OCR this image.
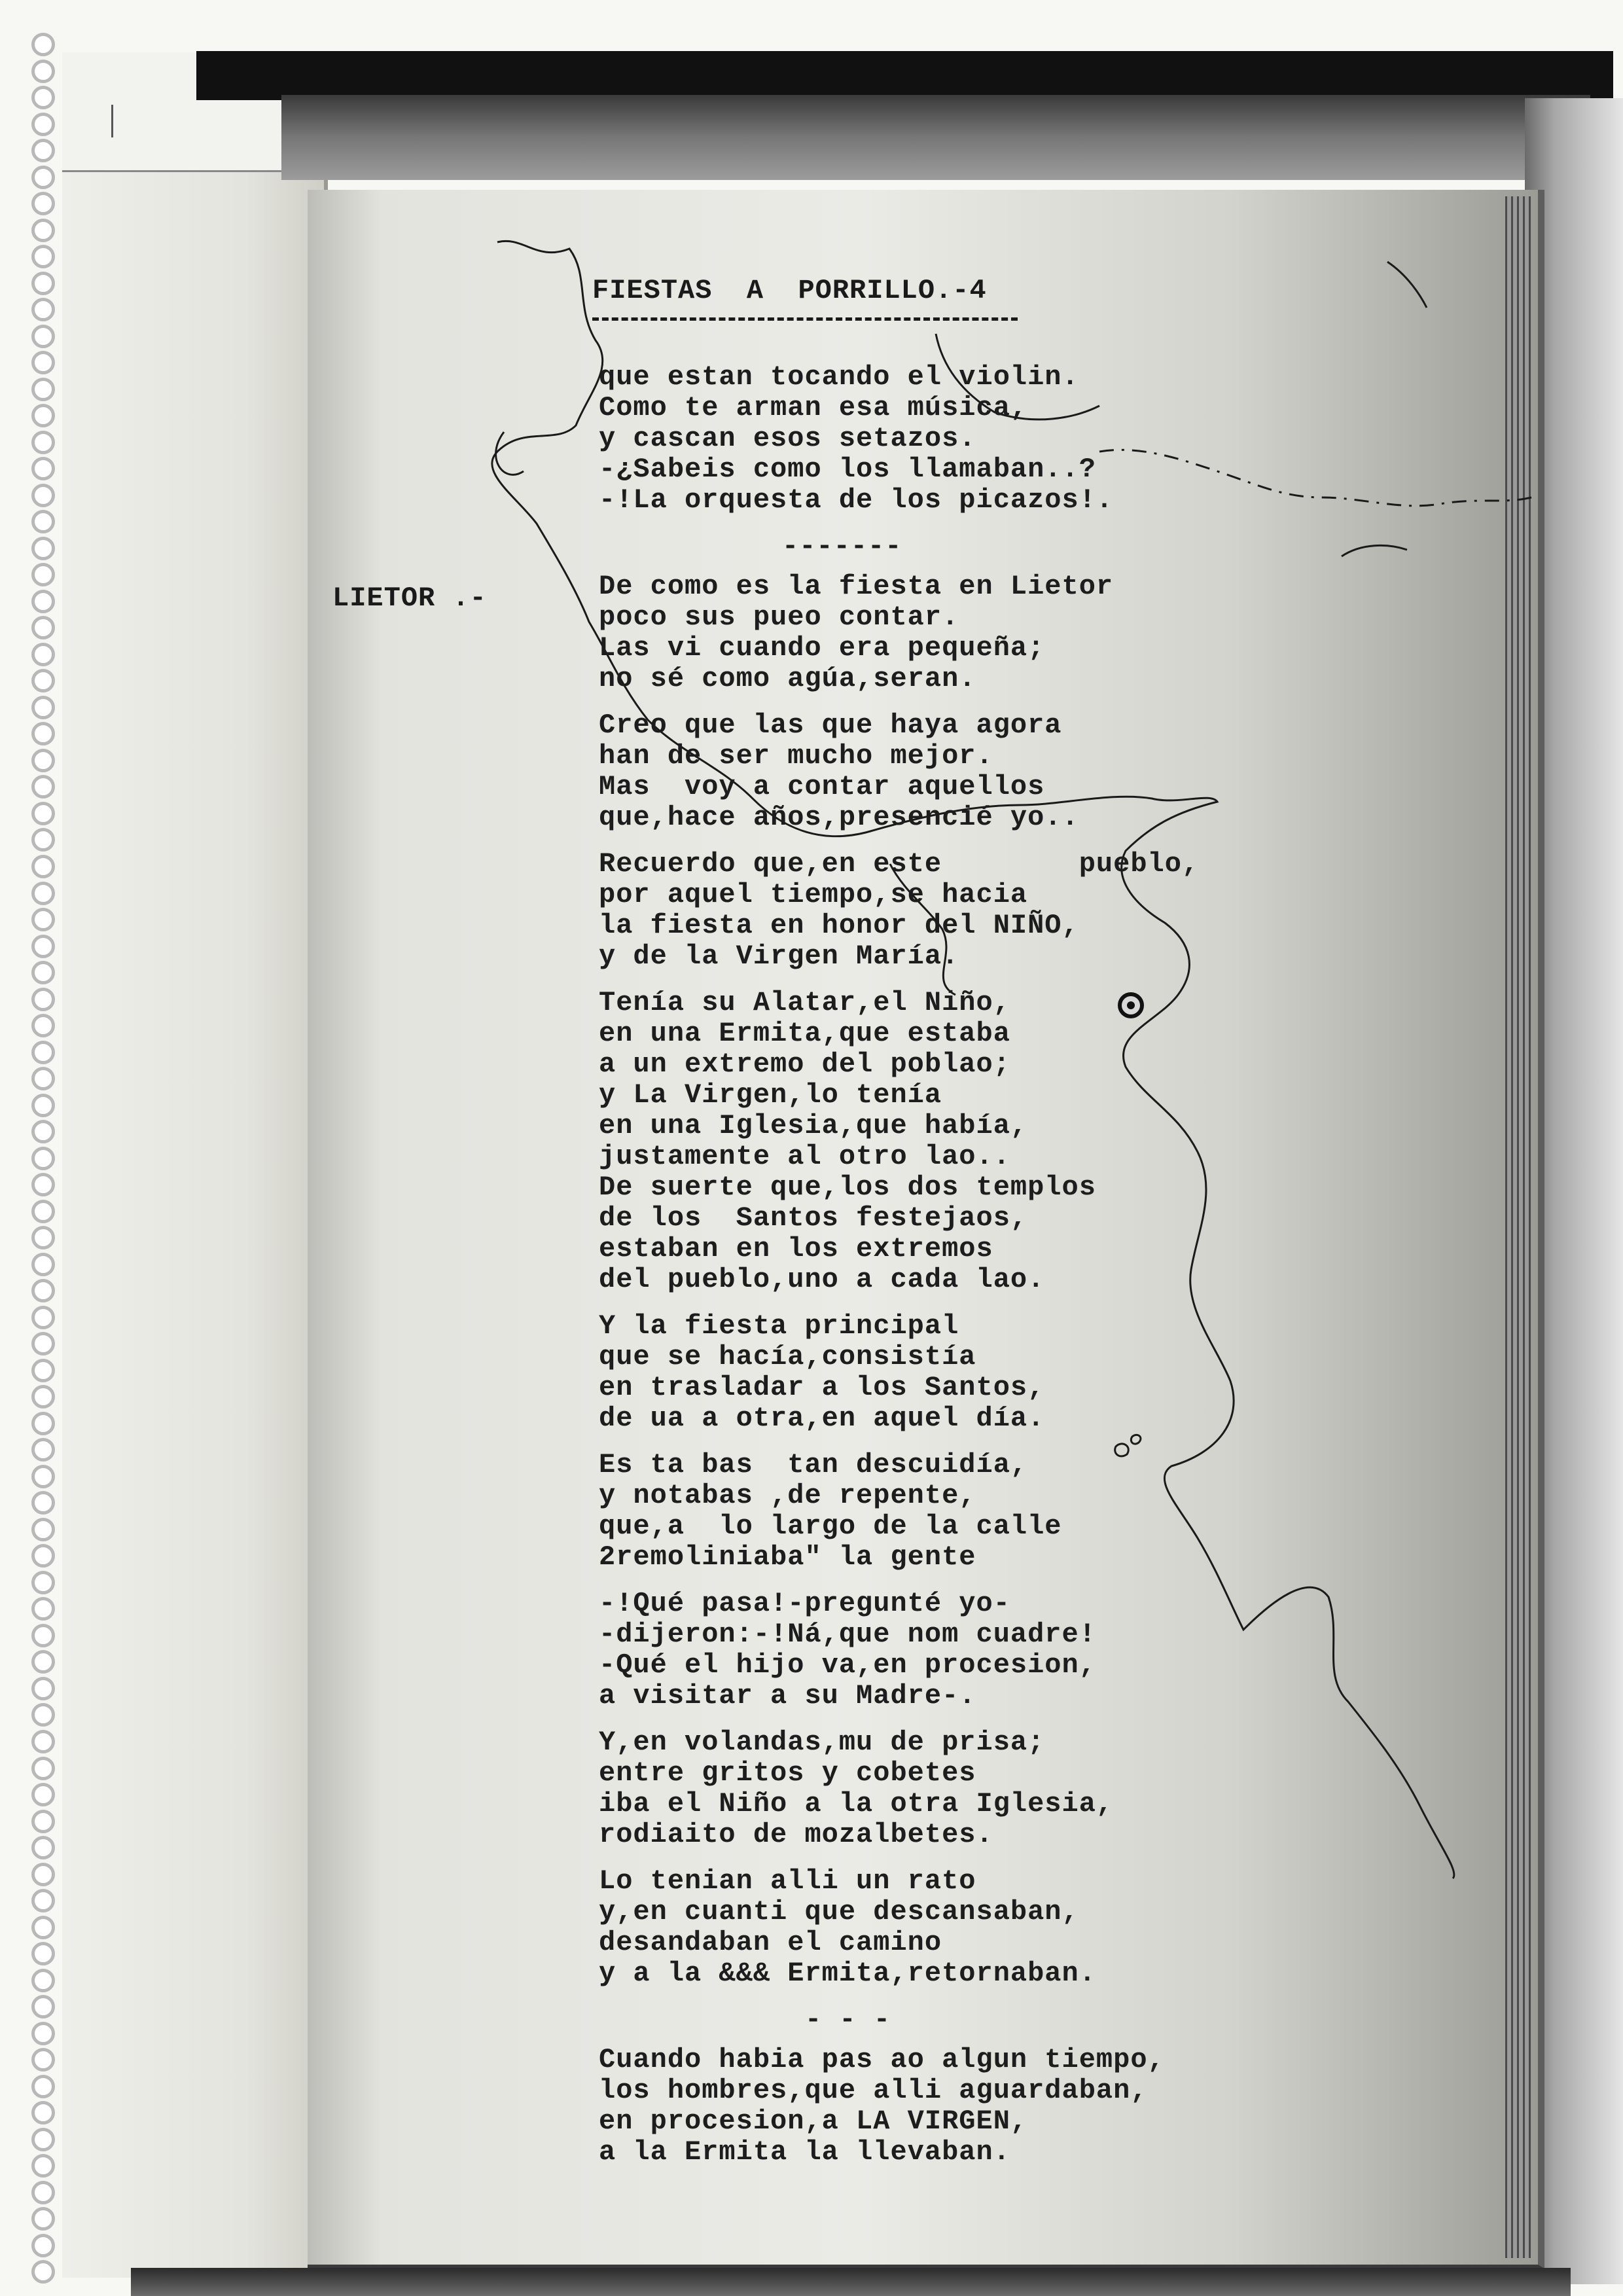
FIESTAS  A  PORRILLO.-4
LIETOR .-
que estan tocando el violin.
Como te arman esa música,
y cascan esos setazos.
-¿Sabeis como los llamaban..?
-!La orquesta de los picazos!.
-------
De como es la fiesta en Lietor
poco sus pueo contar.
Las vi cuando era pequeña;
no sé como agúa,seran.
Creo que las que haya agora
han de ser mucho mejor.
Mas  voy a contar aquellos
que,hace años,presencié yo..
Recuerdo que,en este        pueblo,
por aquel tiempo,se hacia
la fiesta en honor del NIÑO,
y de la Virgen María.
Tenía su Alatar,el Niño,
en una Ermita,que estaba
a un extremo del poblao;
y La Virgen,lo tenía
en una Iglesia,que había,
justamente al otro lao..
De suerte que,los dos templos
de los  Santos festejaos,
estaban en los extremos
del pueblo,uno a cada lao.
Y la fiesta principal
que se hacía,consistía
en trasladar a los Santos,
de ua a otra,en aquel día.
Es ta bas  tan descuidía,
y notabas ,de repente,
que,a  lo largo de la calle
2remoliniaba" la gente
-!Qué pasa!-pregunté yo-
-dijeron:-!Ná,que nom cuadre!
-Qué el hijo va,en procesion,
a visitar a su Madre-.
Y,en volandas,mu de prisa;
entre gritos y cobetes
iba el Niño a la otra Iglesia,
rodiaito de mozalbetes.
Lo tenian alli un rato
y,en cuanti que descansaban,
desandaban el camino
y a la &&& Ermita,retornaban.
- - -
Cuando habia pas ao algun tiempo,
los hombres,que alli aguardaban,
en procesion,a LA VIRGEN,
a la Ermita la llevaban.
